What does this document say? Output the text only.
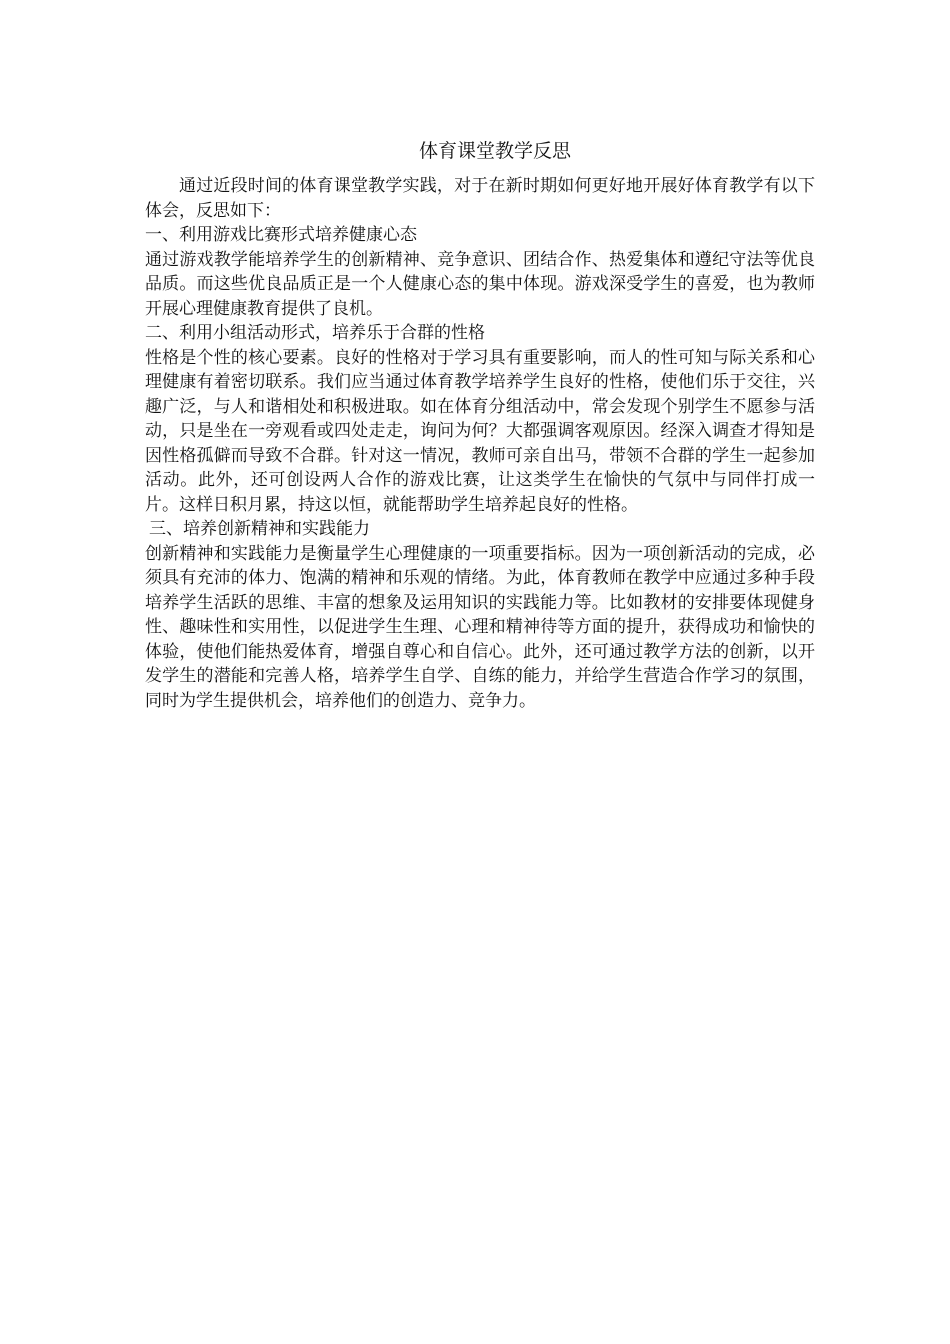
体育课堂教学反思

通过近段时间的体育课堂教学实践，对于在新时期如何更好地开展好体育教学有以下体会，反思如下：

一、利用游戏比赛形式培养健康心态

通过游戏教学能培养学生的创新精神、竞争意识、团结合作、热爱集体和遵纪守法等优良品质。而这些优良品质正是一个人健康心态的集中体现。游戏深受学生的喜爱，也为教师开展心理健康教育提供了良机。

二、利用小组活动形式，培养乐于合群的性格

性格是个性的核心要素。良好的性格对于学习具有重要影响，而人的性可知与际关系和心理健康有着密切联系。我们应当通过体育教学培养学生良好的性格，使他们乐于交往，兴趣广泛，与人和谐相处和积极进取。如在体育分组活动中，常会发现个别学生不愿参与活动，只是坐在一旁观看或四处走走，询问为何？大都强调客观原因。经深入调查才得知是因性格孤僻而导致不合群。针对这一情况，教师可亲自出马，带领不合群的学生一起参加活动。此外，还可创设两人合作的游戏比赛，让这类学生在愉快的气氛中与同伴打成一片。这样日积月累，持这以恒，就能帮助学生培养起良好的性格。

三、培养创新精神和实践能力

创新精神和实践能力是衡量学生心理健康的一项重要指标。因为一项创新活动的完成，必须具有充沛的体力、饱满的精神和乐观的情绪。为此，体育教师在教学中应通过多种手段培养学生活跃的思维、丰富的想象及运用知识的实践能力等。比如教材的安排要体现健身性、趣味性和实用性，以促进学生生理、心理和精神待等方面的提升，获得成功和愉快的体验，使他们能热爱体育，增强自尊心和自信心。此外，还可通过教学方法的创新，以开发学生的潜能和完善人格，培养学生自学、自练的能力，并给学生营造合作学习的氛围，同时为学生提供机会，培养他们的创造力、竞争力。
